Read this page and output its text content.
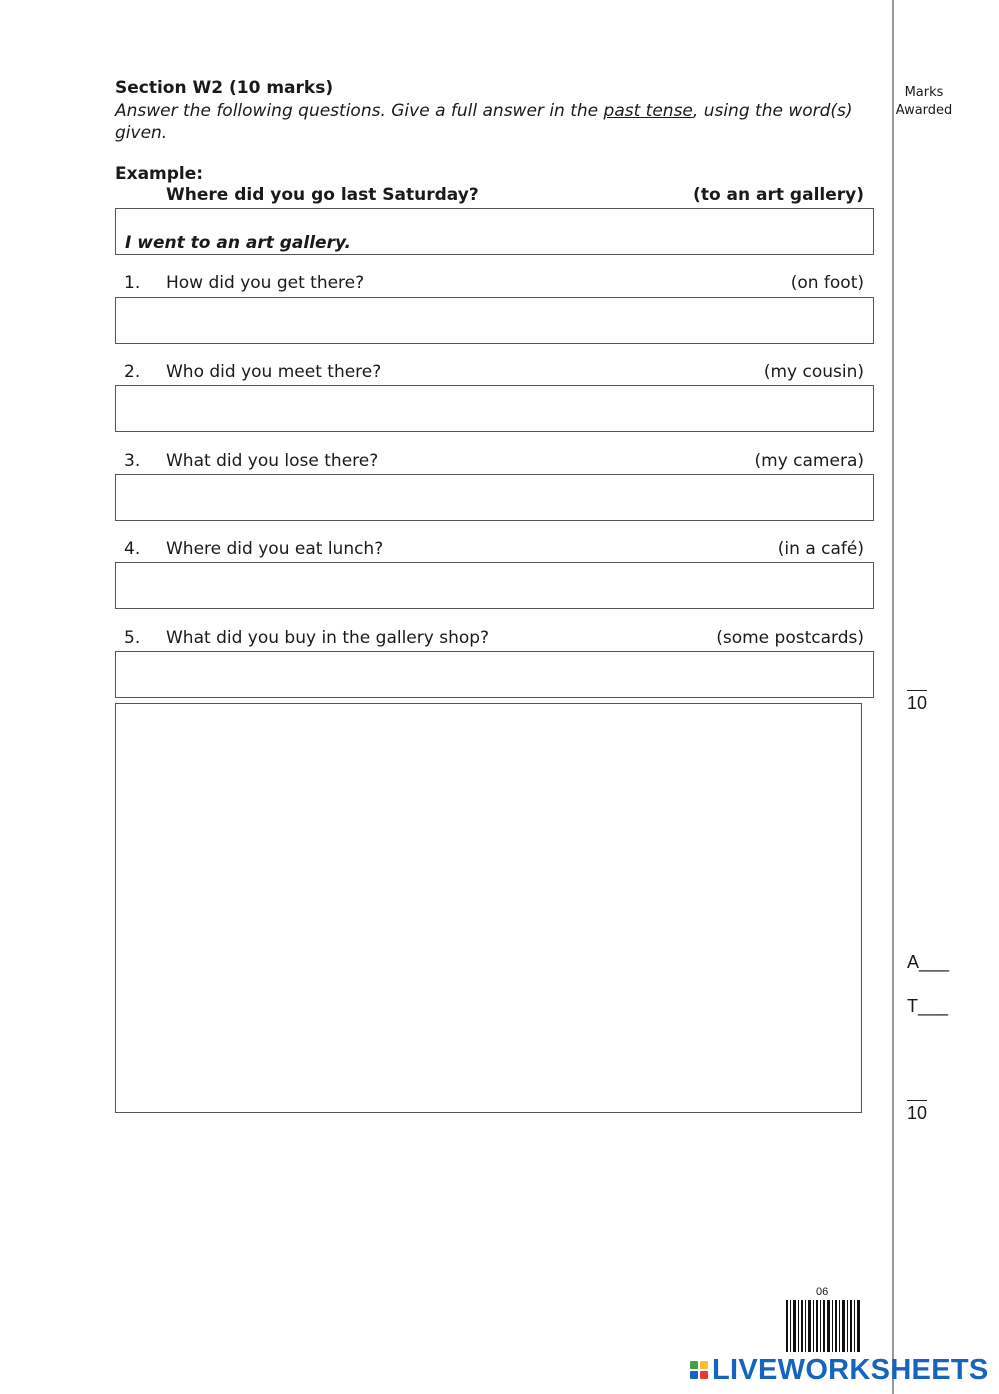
Marks
Awarded
Section W2 (10 marks)
Answer the following questions. Give a full answer in the past tense, using the word(s) given.
Example:
Where did you go last Saturday?	(to an art gallery)
I went to an art gallery.
1. How did you get there?	(on foot)
2. Who did you meet there?	(my cousin)
3. What did you lose there?	(my camera)
4. Where did you eat lunch?	(in a café)
5. What did you buy in the gallery shop?	(some postcards)
10
A___
T___
10
06
LIVEWORKSHEETS
